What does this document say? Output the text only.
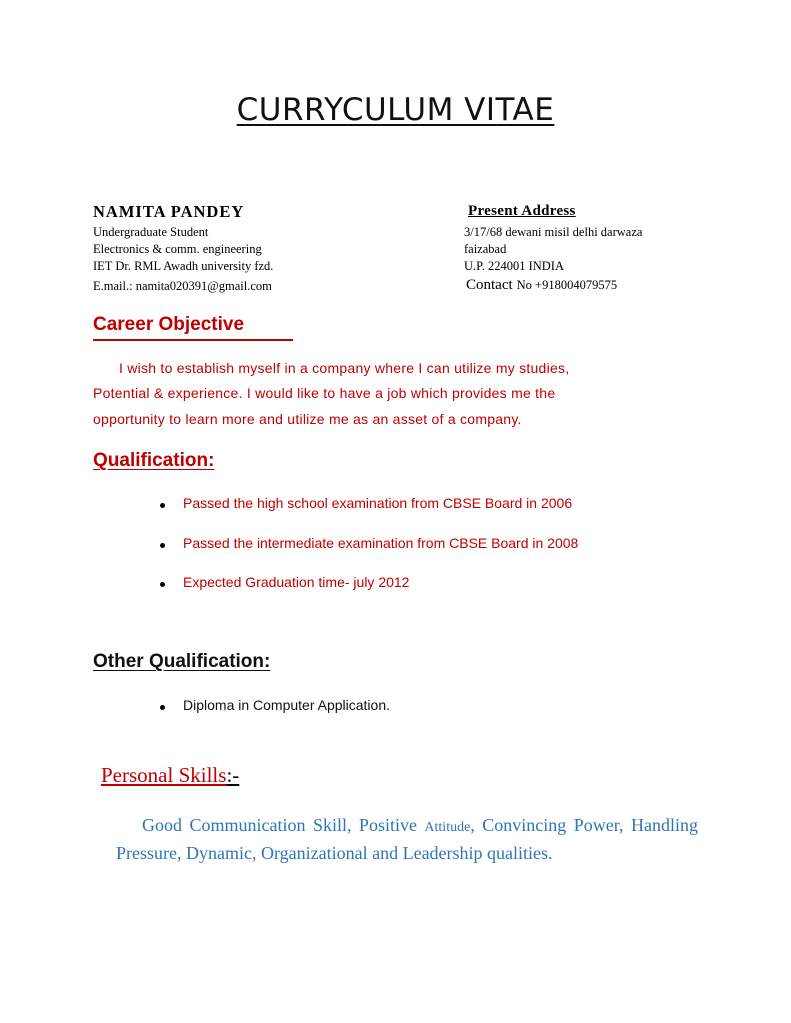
CURRYCULUM VITAE
NAMITA PANDEY
Undergraduate Student
Electronics & comm. engineering
IET Dr. RML Awadh university fzd.
E.mail.: namita020391@gmail.com
Present Address
3/17/68 dewani misil delhi darwaza
faizabad
U.P. 224001 INDIA
Contact No +918004079575
Career Objective
I wish to establish myself in a company where I can utilize my studies,
Potential & experience. I would like to have a job which provides me the
opportunity to learn more and utilize me as an asset of a company.
Qualification:
Passed the high school examination from CBSE Board in 2006
Passed the intermediate examination from CBSE Board in 2008
Expected Graduation time- july 2012
Other Qualification:
Diploma in Computer Application.
Personal Skills:-
Good Communication Skill, Positive Attitude, Convincing Power, Handling Pressure, Dynamic, Organizational and Leadership qualities.
